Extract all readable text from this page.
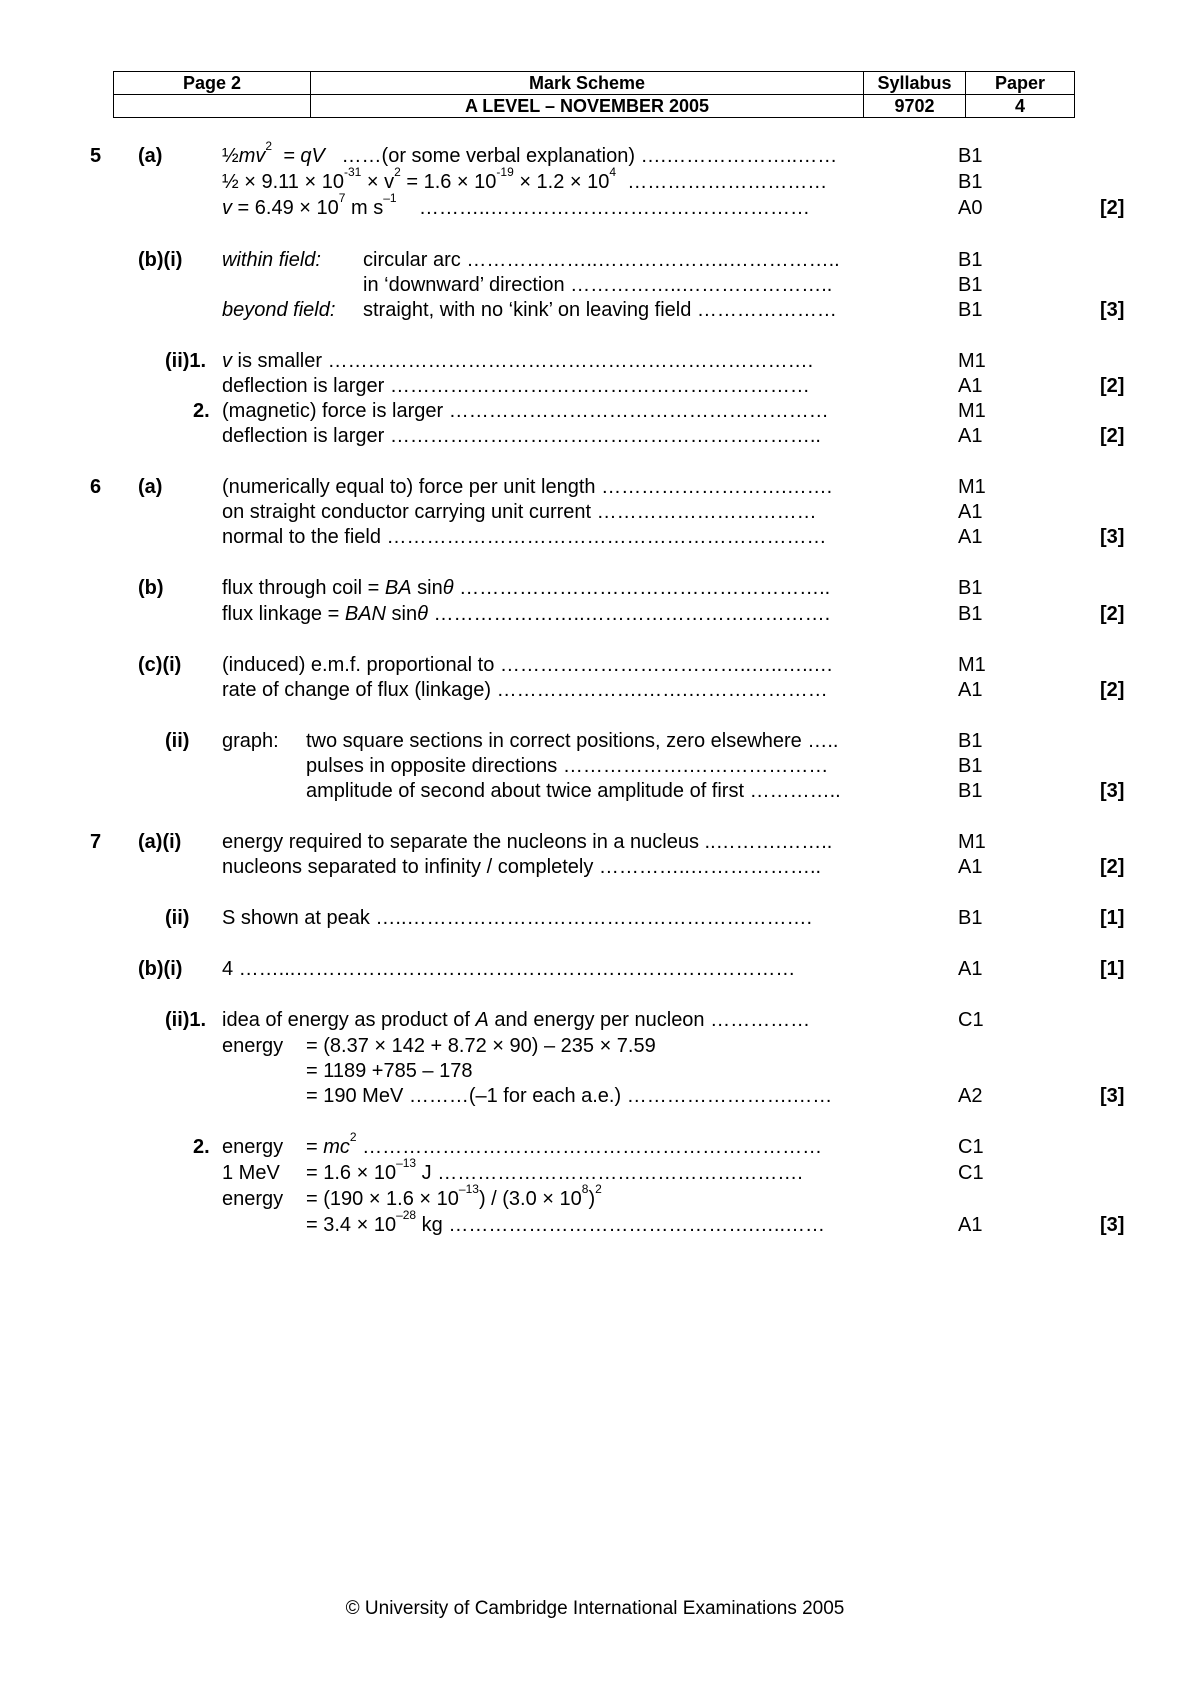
Page 2	Mark Scheme	Syllabus	Paper
	A LEVEL – NOVEMBER 2005	9702	4
5 (a)	$\frac{1}{2}mv^2$ = qV ……(or some verbal explanation) ….………………..……	B1
½ × $9.11 \times 10^{-31} \times v^2 = 1.6 \times 10^{-19} \times 1.2 \times 10^4$ …………………………	B1
$v = 6.49 \times 10^7$ m $s^{-1}$ ………..…………………………………………	A0	[2]
(b)(i) within field: circular arc ………………..………………..……………..	B1
in ‘downward’ direction ……………..…………………..	B1
beyond field: straight, with no ‘kink’ on leaving field …………………	B1	[3]
(ii)1. v is smaller ……………………………………………………………….	M1
deflection is larger ………………………………………………………	A1	[2]
2. (magnetic) force is larger …………………………………………………	M1
deflection is larger ………………………………………………………..	A1	[2]
6 (a)	(numerically equal to) force per unit length ……………………….…….	M1
on straight conductor carrying unit current ……………………………	A1
normal to the field …………………………………………………………	A1	[3]
(b)	flux through coil = BA sinθ ………………………………………………..	B1
flux linkage = BAN sinθ …………………..……………………………….	B1	[2]
(c)(i) (induced) e.m.f. proportional to ………………………………..…..…..…	M1
rate of change of flux (linkage) ………………….…….…………………	A1	[2]
(ii) graph: two square sections in correct positions, zero elsewhere …..	B1
pulses in opposite directions ……………….…………………	B1
amplitude of second about twice amplitude of first …………..	B1	[3]
7 (a)(i) energy required to separate the nucleons in a nucleus ..……….……..	M1
nucleons separated to infinity / completely …………..………………..	A1	[2]
(ii) S shown at peak …..…………………………………………………….	B1	[1]
(b)(i) 4 ……...…………………………………………………………………	A1	[1]
(ii)1. idea of energy as product of A and energy per nucleon ……………	C1
energy = (8.37 × 142 + 8.72 × 90) – 235 × 7.59
= 1189 +785 – 178
= 190 MeV ………(–1 for each a.e.) …………………….……	A2	[3]
2. energy = $mc^2$ ……………………………………………………………	C1
1 MeV = $1.6 \times 10^{-13}$ J ……………………………………………….	C1
energy = $(190 \times 1.6 \times 10^{-13}) / (3.0 \times 10^8)^2$
= $3.4 \times 10^{-28}$ kg ……………………………………….…..……	A1	[3]
© University of Cambridge International Examinations 2005
